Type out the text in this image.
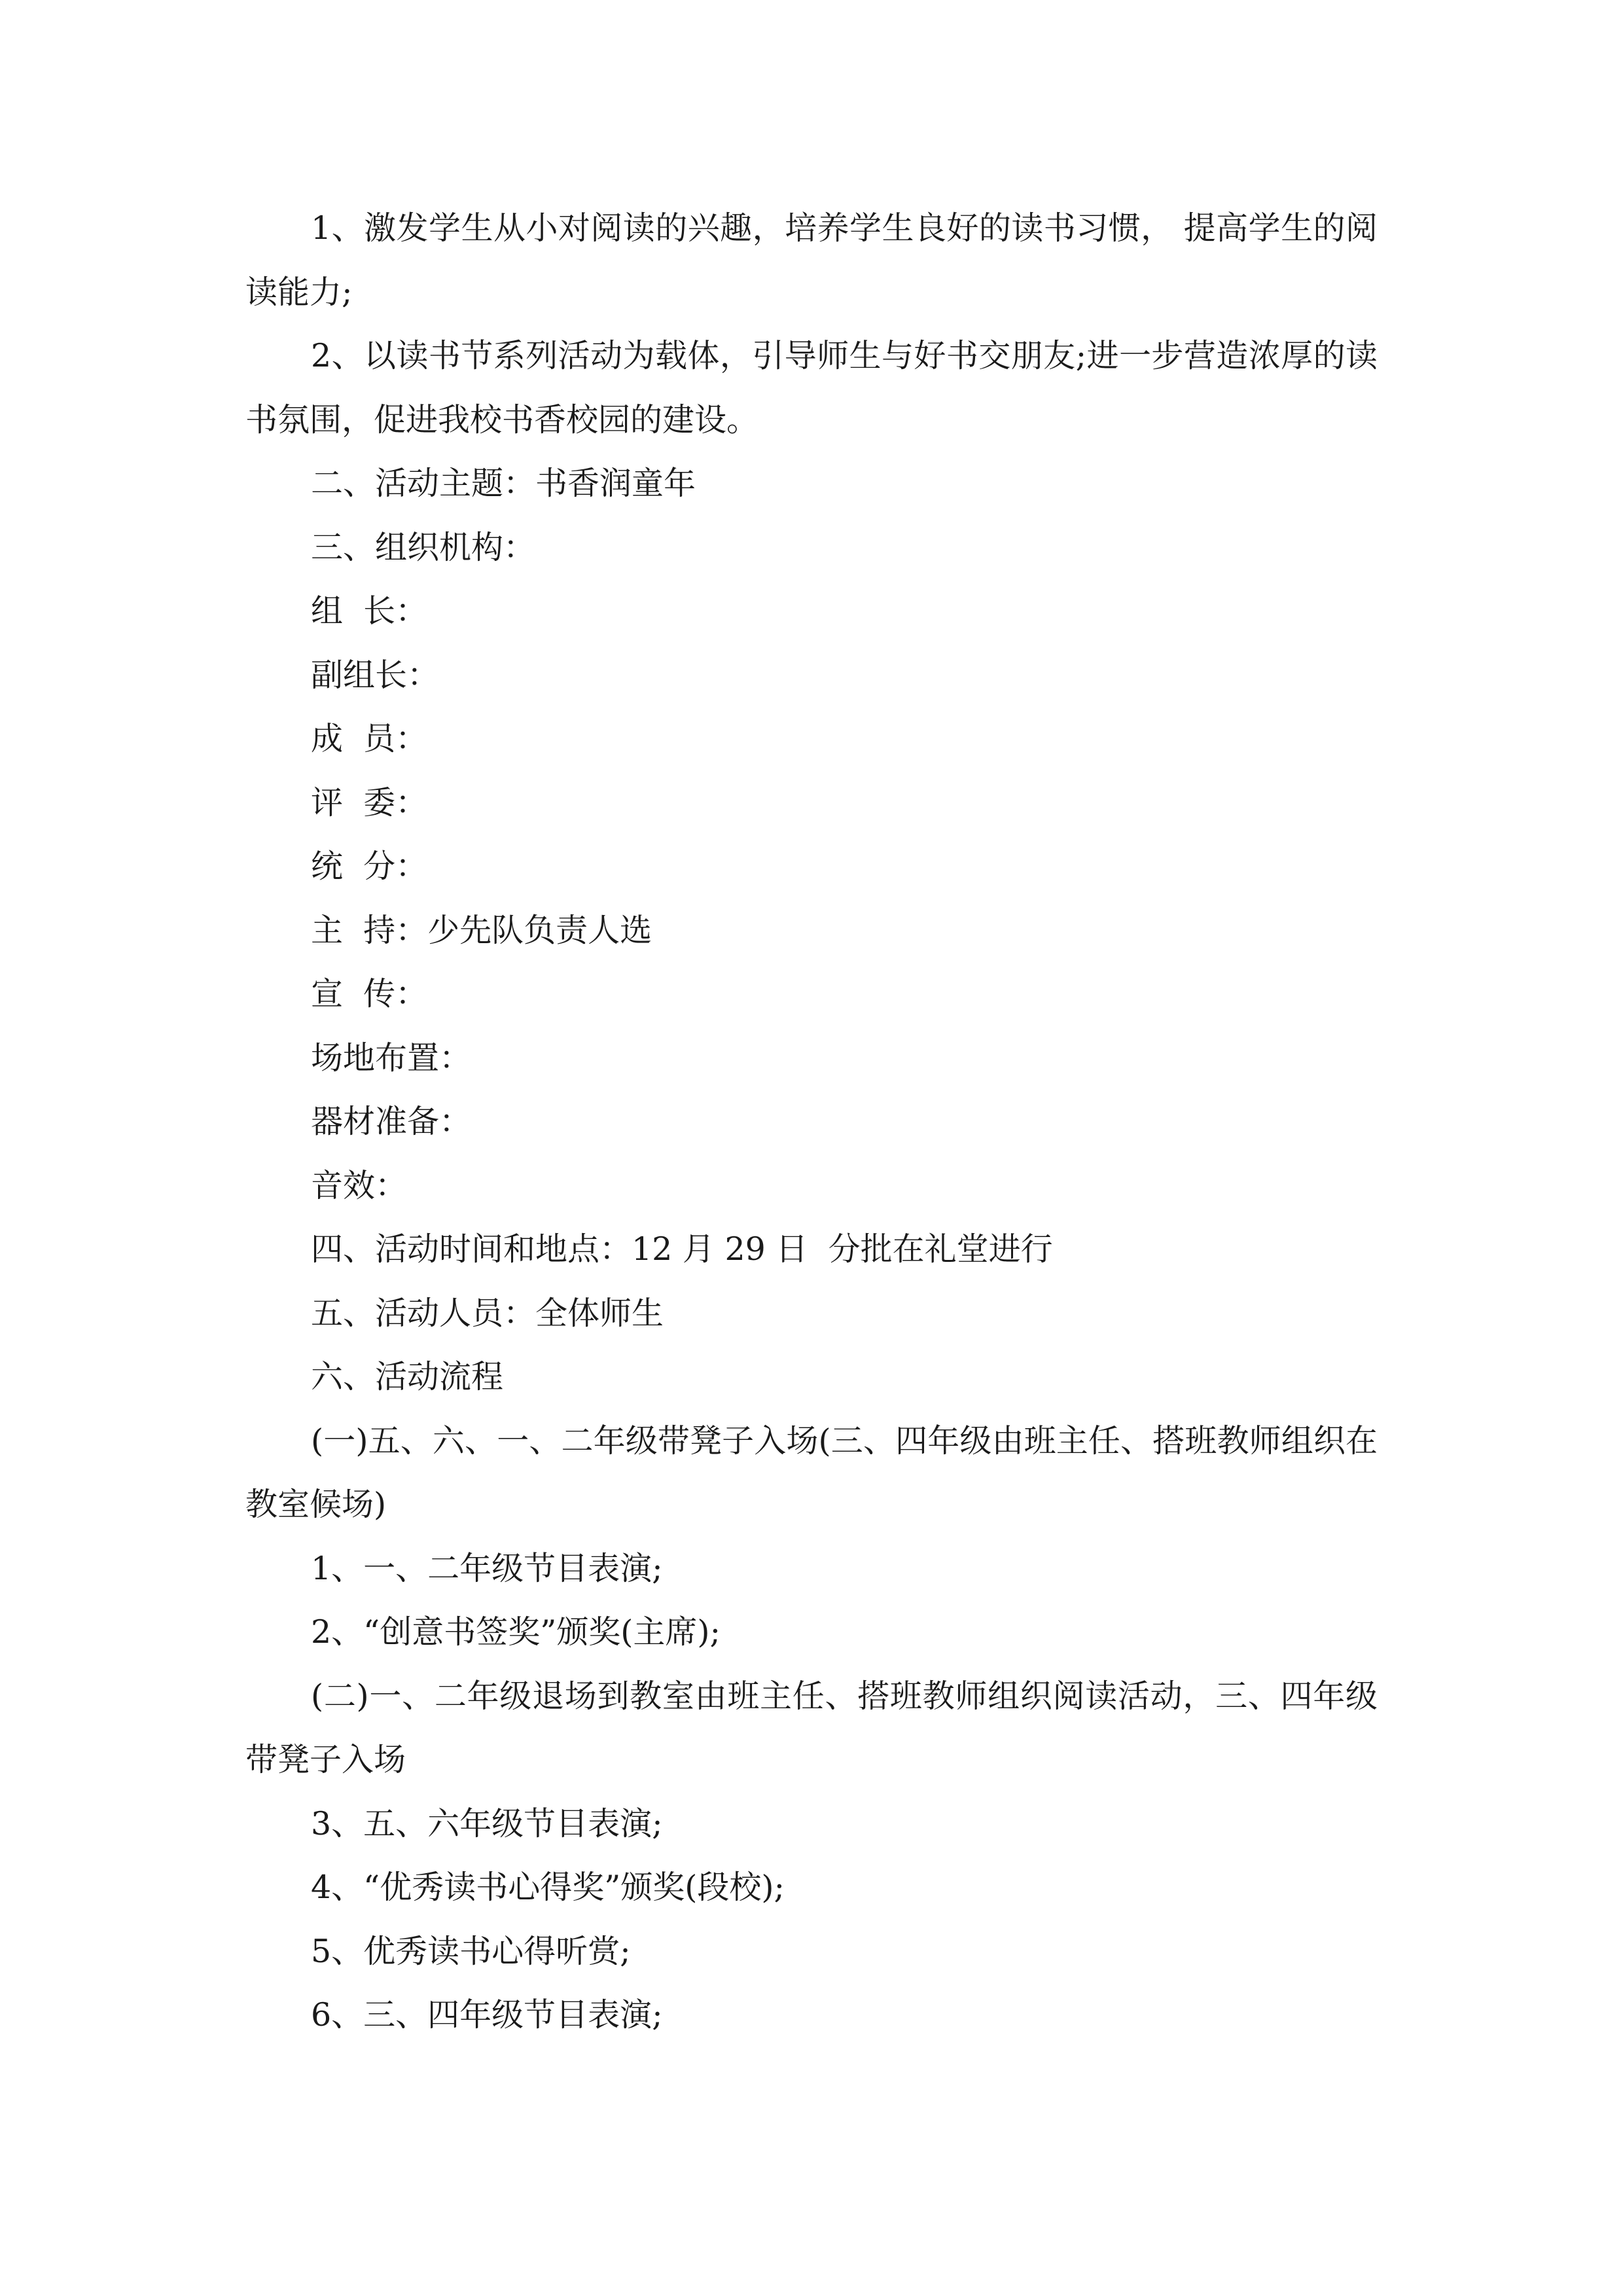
1、激发学生从小对阅读的兴趣，培养学生良好的读书习惯， 提高学生的阅读能力;

2、以读书节系列活动为载体，引导师生与好书交朋友;进一步营造浓厚的读书氛围，促进我校书香校园的建设。

二、活动主题：书香润童年

三、组织机构：

组  长：

副组长：

成  员：

评  委：

统  分：

主  持：少先队负责人选

宣  传：

场地布置：

器材准备：

音效：

四、活动时间和地点：12 月 29 日  分批在礼堂进行

五、活动人员：全体师生

六、活动流程

(一)五、六、一、二年级带凳子入场(三、四年级由班主任、搭班教师组织在教室候场)

1、一、二年级节目表演;

2、“创意书签奖”颁奖(主席);

(二)一、二年级退场到教室由班主任、搭班教师组织阅读活动，三、四年级带凳子入场

3、五、六年级节目表演;

4、“优秀读书心得奖”颁奖(段校);

5、优秀读书心得听赏;

6、三、四年级节目表演;
